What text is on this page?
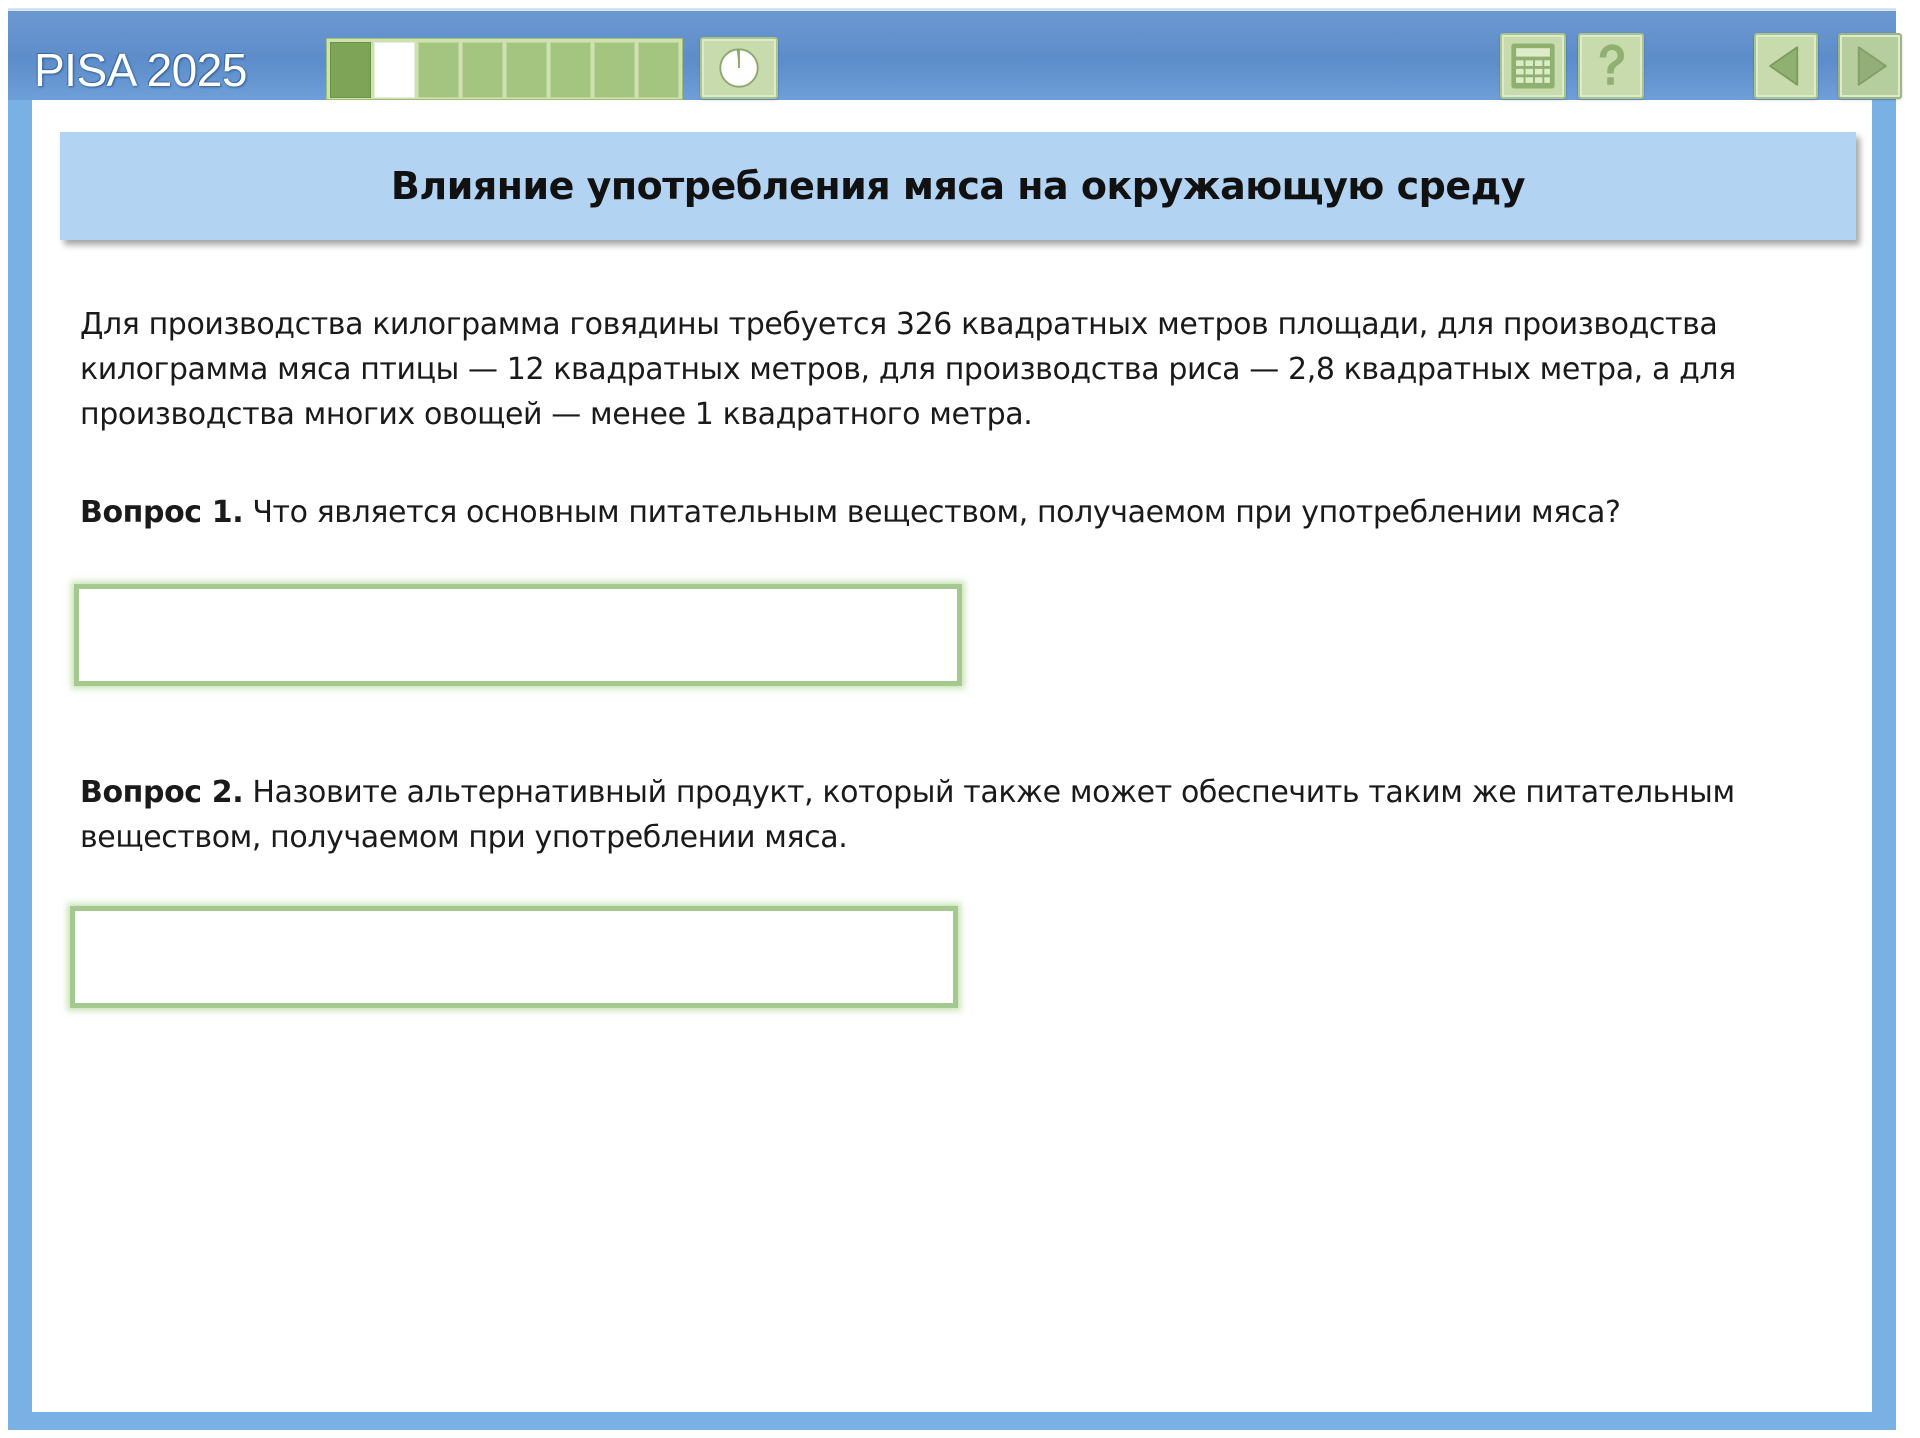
PISA 2025
Влияние употребления мяса на окружающую среду

Для производства килограмма говядины требуется 326 квадратных метров площади, для производства килограмма мяса птицы — 12 квадратных метров, для производства риса — 2,8 квадратных метра, а для производства многих овощей — менее 1 квадратного метра.

Вопрос 1. Что является основным питательным веществом, получаемом при употреблении мяса?

Вопрос 2. Назовите альтернативный продукт, который также может обеспечить таким же питательным веществом, получаемом при употреблении мяса.
